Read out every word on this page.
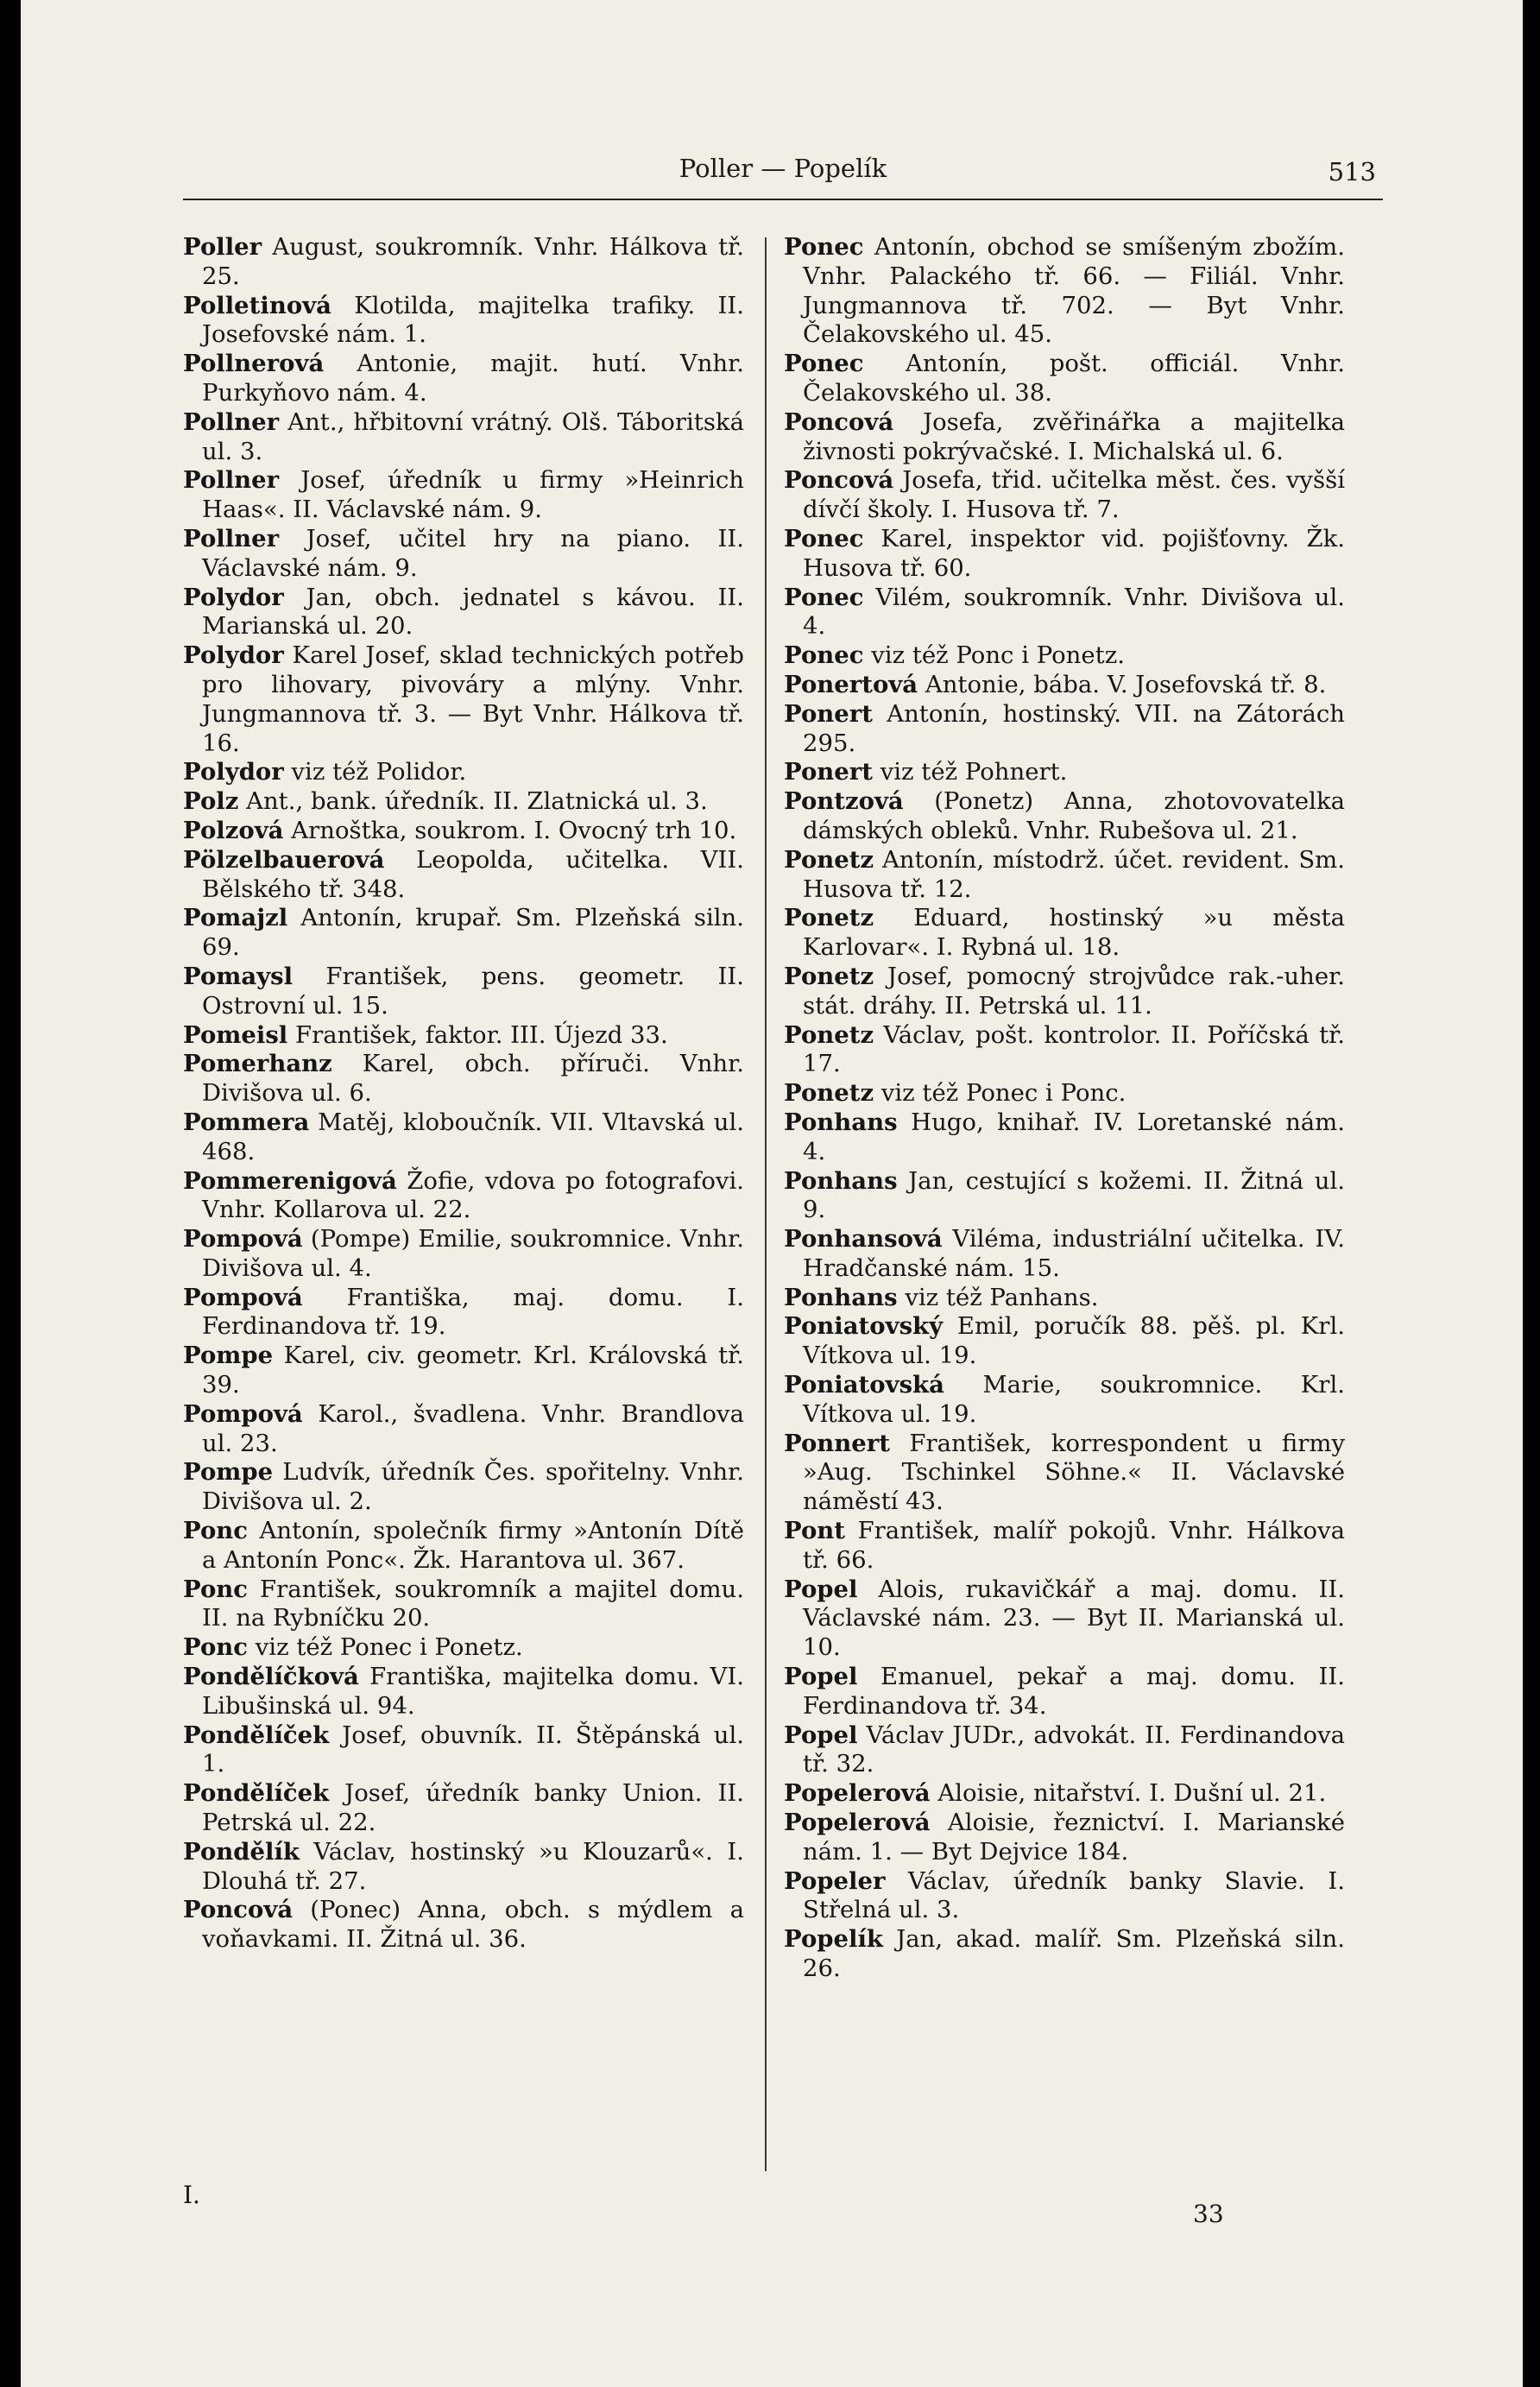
Poller — Popelík	513
Poller August, soukromník. Vnhr. Hálkova tř. 25.
Polletinová Klotilda, majitelka trafiky. II. Josefovské nám. 1.
Pollnerová Antonie, majit. hutí. Vnhr. Purkyňovo nám. 4.
Pollner Ant., hřbitovní vrátný. Olš. Táboritská ul. 3.
Pollner Josef, úředník u firmy »Heinrich Haas«. II. Václavské nám. 9.
Pollner Josef, učitel hry na piano. II. Václavské nám. 9.
Polydor Jan, obch. jednatel s kávou. II. Marianská ul. 20.
Polydor Karel Josef, sklad technických potřeb pro lihovary, pivováry a mlýny. Vnhr. Jungmannova tř. 3. — Byt Vnhr. Hálkova tř. 16.
Polydor viz též Polidor.
Polz Ant., bank. úředník. II. Zlatnická ul. 3.
Polzová Arnoštka, soukrom. I. Ovocný trh 10.
Pölzelbauerová Leopolda, učitelka. VII. Bělského tř. 348.
Pomajzl Antonín, krupař. Sm. Plzeňská siln. 69.
Pomaysl František, pens. geometr. II. Ostrovní ul. 15.
Pomeisl František, faktor. III. Újezd 33.
Pomerhanz Karel, obch. příruči. Vnhr. Divišova ul. 6.
Pommera Matěj, kloboučník. VII. Vltavská ul. 468.
Pommerenigová Žofie, vdova po fotografovi. Vnhr. Kollarova ul. 22.
Pompová (Pompe) Emilie, soukromnice. Vnhr. Divišova ul. 4.
Pompová Františka, maj. domu. I. Ferdinandova tř. 19.
Pompe Karel, civ. geometr. Krl. Královská tř. 39.
Pompová Karol., švadlena. Vnhr. Brandlova ul. 23.
Pompe Ludvík, úředník Čes. spořitelny. Vnhr. Divišova ul. 2.
Ponc Antonín, společník firmy »Antonín Dítě a Antonín Ponc«. Žk. Harantova ul. 367.
Ponc František, soukromník a majitel domu. II. na Rybníčku 20.
Ponc viz též Ponec i Ponetz.
Pondělíčková Františka, majitelka domu. VI. Libušinská ul. 94.
Pondělíček Josef, obuvník. II. Štěpánská ul. 1.
Pondělíček Josef, úředník banky Union. II. Petrská ul. 22.
Pondělík Václav, hostinský »u Klouzarů«. I. Dlouhá tř. 27.
Poncová (Ponec) Anna, obch. s mýdlem a voňavkami. II. Žitná ul. 36.
Ponec Antonín, obchod se smíšeným zbožím. Vnhr. Palackého tř. 66. — Filiál. Vnhr. Jungmannova tř. 702. — Byt Vnhr. Čelakovského ul. 45.
Ponec Antonín, pošt. officiál. Vnhr. Čelakovského ul. 38.
Poncová Josefa, zvěřinářka a majitelka živnosti pokrývačské. I. Michalská ul. 6.
Poncová Josefa, třid. učitelka měst. čes. vyšší dívčí školy. I. Husova tř. 7.
Ponec Karel, inspektor vid. pojišťovny. Žk. Husova tř. 60.
Ponec Vilém, soukromník. Vnhr. Divišova ul. 4.
Ponec viz též Ponc i Ponetz.
Ponertová Antonie, bába. V. Josefovská tř. 8.
Ponert Antonín, hostinský. VII. na Zátorách 295.
Ponert viz též Pohnert.
Pontzová (Ponetz) Anna, zhotovovatelka dámských obleků. Vnhr. Rubešova ul. 21.
Ponetz Antonín, místodrž. účet. revident. Sm. Husova tř. 12.
Ponetz Eduard, hostinský »u města Karlovar«. I. Rybná ul. 18.
Ponetz Josef, pomocný strojvůdce rak.-uher. stát. dráhy. II. Petrská ul. 11.
Ponetz Václav, pošt. kontrolor. II. Poříčská tř. 17.
Ponetz viz též Ponec i Ponc.
Ponhans Hugo, knihař. IV. Loretanské nám. 4.
Ponhans Jan, cestující s kožemi. II. Žitná ul. 9.
Ponhansová Viléma, industriální učitelka. IV. Hradčanské nám. 15.
Ponhans viz též Panhans.
Poniatovský Emil, poručík 88. pěš. pl. Krl. Vítkova ul. 19.
Poniatovská Marie, soukromnice. Krl. Vítkova ul. 19.
Ponnert František, korrespondent u firmy »Aug. Tschinkel Söhne.« II. Václavské náměstí 43.
Pont František, malíř pokojů. Vnhr. Hálkova tř. 66.
Popel Alois, rukavičkář a maj. domu. II. Václavské nám. 23. — Byt II. Marianská ul. 10.
Popel Emanuel, pekař a maj. domu. II. Ferdinandova tř. 34.
Popel Václav JUDr., advokát. II. Ferdinandova tř. 32.
Popelerová Aloisie, nitařství. I. Dušní ul. 21.
Popelerová Aloisie, řeznictví. I. Marianské nám. 1. — Byt Dejvice 184.
Popeler Václav, úředník banky Slavie. I. Střelná ul. 3.
Popelík Jan, akad. malíř. Sm. Plzeňská siln. 26.
I.
33
